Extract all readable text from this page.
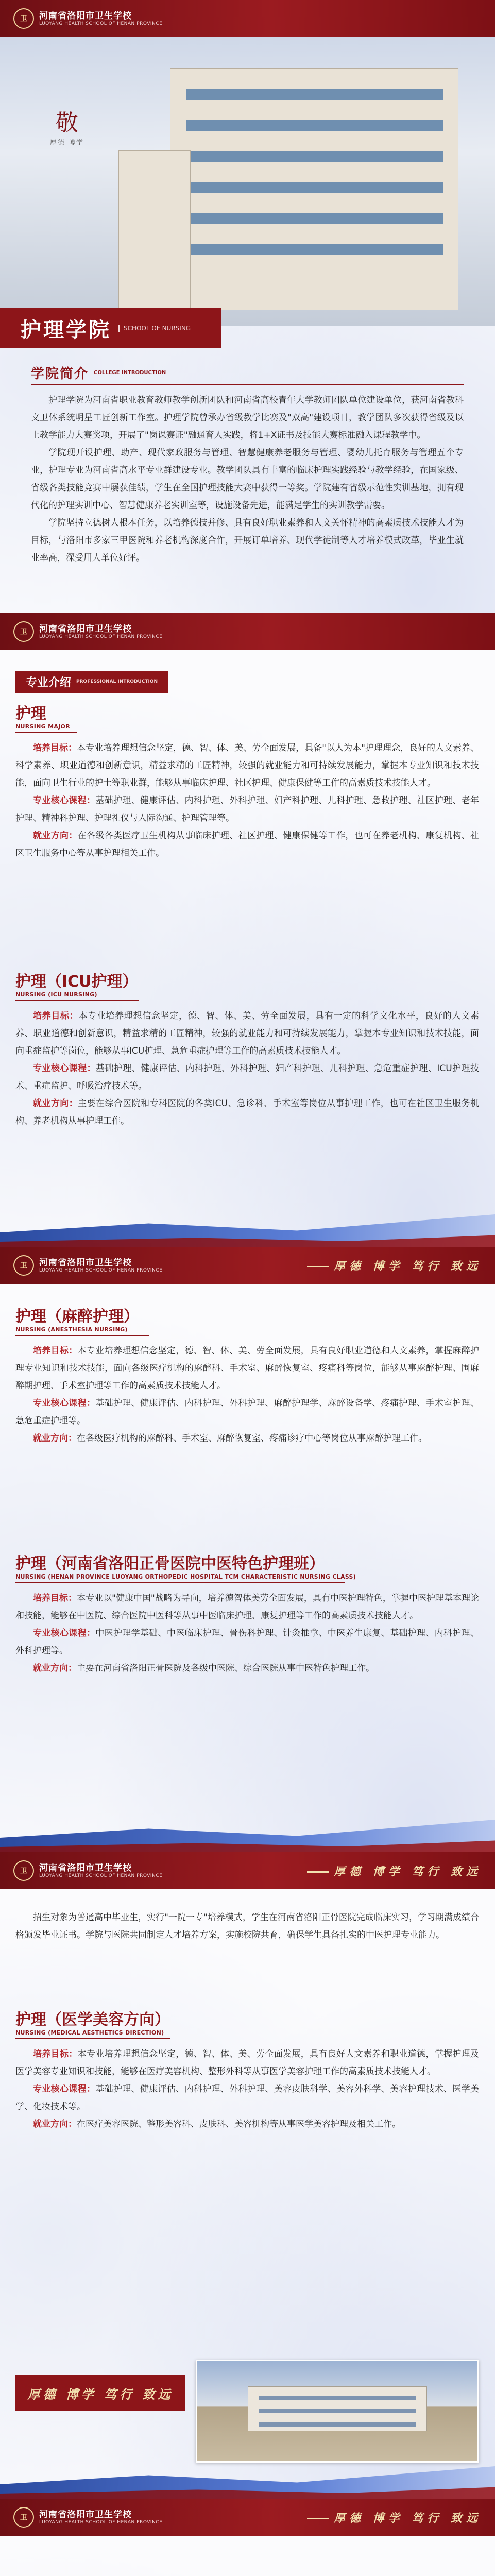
卫	河南省洛阳市卫生学校
LUOYANG HEALTH SCHOOL OF HENAN PROVINCE
敬
厚德 博学
护理学院	SCHOOL OF NURSING
学院简介 COLLEGE INTRODUCTION

护理学院为河南省职业教育教师教学创新团队和河南省高校青年大学教师团队单位建设单位，获河南省教科文卫体系统明星工匠创新工作室。护理学院曾承办省级教学比赛及"双高"建设项目，教学团队多次获得省级及以上教学能力大赛奖项，开展了"岗课赛证"融通育人实践，将1+X证书及技能大赛标准融入课程教学中。

学院现开设护理、助产、现代家政服务与管理、智慧健康养老服务与管理、婴幼儿托育服务与管理五个专业，护理专业为河南省高水平专业群建设专业。教学团队具有丰富的临床护理实践经验与教学经验，在国家级、省级各类技能竞赛中屡获佳绩，学生在全国护理技能大赛中获得一等奖。学院建有省级示范性实训基地，拥有现代化的护理实训中心、智慧健康养老实训室等，设施设备先进，能满足学生的实训教学需要。

学院坚持立德树人根本任务，以培养德技并修、具有良好职业素养和人文关怀精神的高素质技术技能人才为目标，与洛阳市多家三甲医院和养老机构深度合作，开展订单培养、现代学徒制等人才培养模式改革，毕业生就业率高，深受用人单位好评。

卫	河南省洛阳市卫生学校
LUOYANG HEALTH SCHOOL OF HENAN PROVINCE
专业介绍 PROFESSIONAL INTRODUCTION
护理
NURSING MAJOR

培养目标：本专业培养理想信念坚定，德、智、体、美、劳全面发展，具备"以人为本"护理理念，良好的人文素养、科学素养、职业道德和创新意识，精益求精的工匠精神，较强的就业能力和可持续发展能力，掌握本专业知识和技术技能，面向卫生行业的护士等职业群，能够从事临床护理、社区护理、健康保健等工作的高素质技术技能人才。

专业核心课程：基础护理、健康评估、内科护理、外科护理、妇产科护理、儿科护理、急救护理、社区护理、老年护理、精神科护理、护理礼仪与人际沟通、护理管理等。

就业方向：在各级各类医疗卫生机构从事临床护理、社区护理、健康保健等工作，也可在养老机构、康复机构、社区卫生服务中心等从事护理相关工作。

护理（ICU护理）
NURSING (ICU NURSING)

培养目标：本专业培养理想信念坚定，德、智、体、美、劳全面发展，具有一定的科学文化水平，良好的人文素养、职业道德和创新意识，精益求精的工匠精神，较强的就业能力和可持续发展能力，掌握本专业知识和技术技能，面向重症监护等岗位，能够从事ICU护理、急危重症护理等工作的高素质技术技能人才。

专业核心课程：基础护理、健康评估、内科护理、外科护理、妇产科护理、儿科护理、急危重症护理、ICU护理技术、重症监护、呼吸治疗技术等。

就业方向：主要在综合医院和专科医院的各类ICU、急诊科、手术室等岗位从事护理工作，也可在社区卫生服务机构、养老机构从事护理工作。

卫	河南省洛阳市卫生学校
LUOYANG HEALTH SCHOOL OF HENAN PROVINCE	厚德 博学 笃行 致远
护理（麻醉护理）
NURSING (ANESTHESIA NURSING)

培养目标：本专业培养理想信念坚定，德、智、体、美、劳全面发展，具有良好职业道德和人文素养，掌握麻醉护理专业知识和技术技能，面向各级医疗机构的麻醉科、手术室、麻醉恢复室、疼痛科等岗位，能够从事麻醉护理、围麻醉期护理、手术室护理等工作的高素质技术技能人才。

专业核心课程：基础护理、健康评估、内科护理、外科护理、麻醉护理学、麻醉设备学、疼痛护理、手术室护理、急危重症护理等。

就业方向：在各级医疗机构的麻醉科、手术室、麻醉恢复室、疼痛诊疗中心等岗位从事麻醉护理工作。

护理（河南省洛阳正骨医院中医特色护理班）
NURSING (HENAN PROVINCE LUOYANG ORTHOPEDIC HOSPITAL TCM CHARACTERISTIC NURSING CLASS)

培养目标：本专业以"健康中国"战略为导向，培养德智体美劳全面发展，具有中医护理特色，掌握中医护理基本理论和技能，能够在中医院、综合医院中医科等从事中医临床护理、康复护理等工作的高素质技术技能人才。

专业核心课程：中医护理学基础、中医临床护理、骨伤科护理、针灸推拿、中医养生康复、基础护理、内科护理、外科护理等。

就业方向：主要在河南省洛阳正骨医院及各级中医院、综合医院从事中医特色护理工作。

卫	河南省洛阳市卫生学校
LUOYANG HEALTH SCHOOL OF HENAN PROVINCE	厚德 博学 笃行 致远

招生对象为普通高中毕业生，实行"一院一专"培养模式，学生在河南省洛阳正骨医院完成临床实习，学习期满成绩合格颁发毕业证书。学院与医院共同制定人才培养方案，实施校院共育，确保学生具备扎实的中医护理专业能力。

护理（医学美容方向）
NURSING (MEDICAL AESTHETICS DIRECTION)

培养目标：本专业培养理想信念坚定，德、智、体、美、劳全面发展，具有良好人文素养和职业道德，掌握护理及医学美容专业知识和技能，能够在医疗美容机构、整形外科等从事医学美容护理工作的高素质技术技能人才。

专业核心课程：基础护理、健康评估、内科护理、外科护理、美容皮肤科学、美容外科学、美容护理技术、医学美学、化妆技术等。

就业方向：在医疗美容医院、整形美容科、皮肤科、美容机构等从事医学美容护理及相关工作。

厚德 博学 笃行 致远
卫	河南省洛阳市卫生学校
LUOYANG HEALTH SCHOOL OF HENAN PROVINCE	厚德 博学 笃行 致远
